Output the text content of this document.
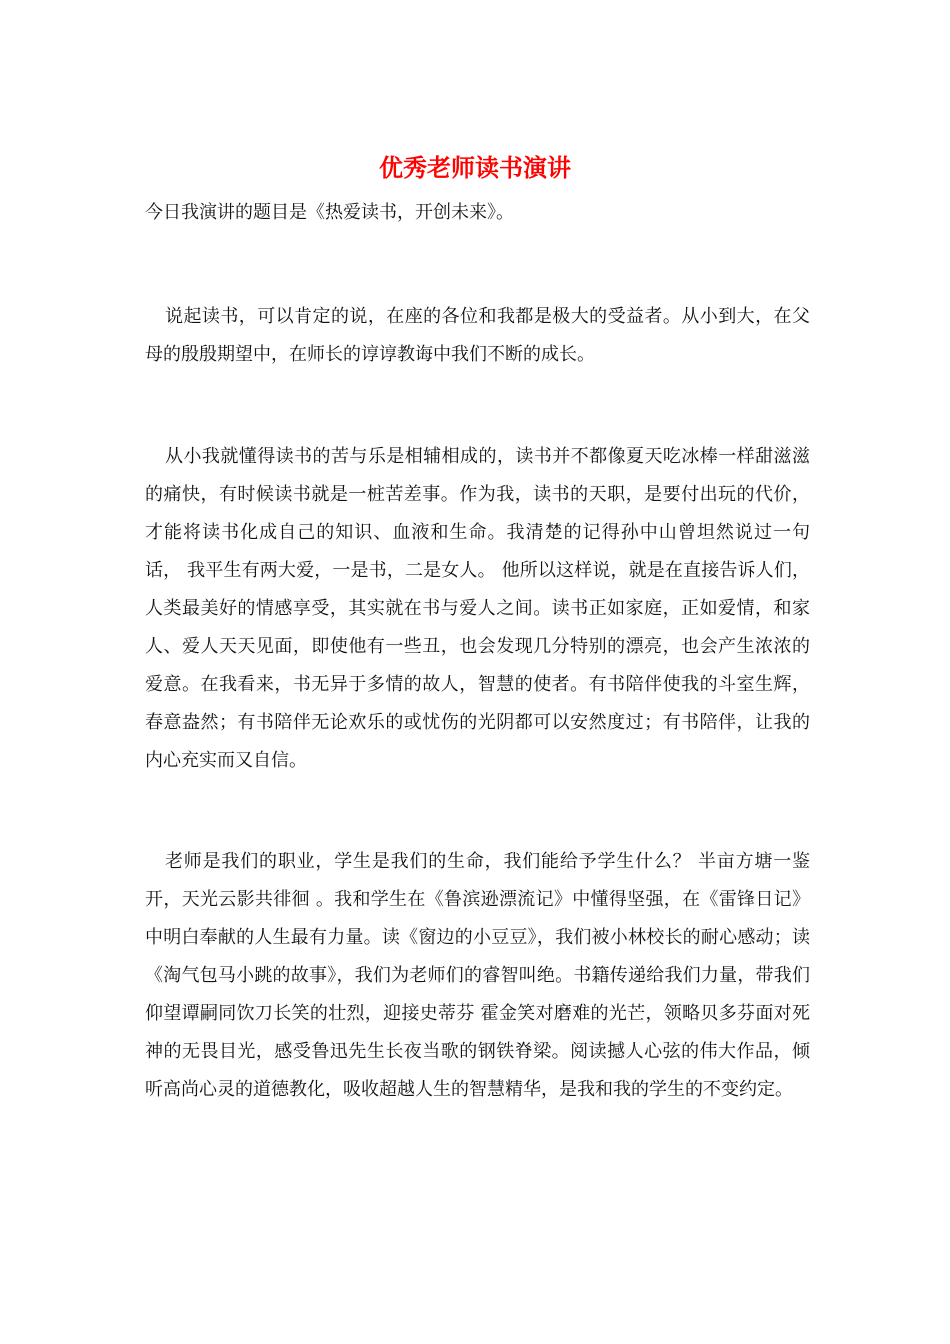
优秀老师读书演讲

今日我演讲的题目是《热爱读书，开创未来》。

说起读书，可以肯定的说，在座的各位和我都是极大的受益者。从小到大，在父母的殷殷期望中，在师长的谆谆教诲中我们不断的成长。

从小我就懂得读书的苦与乐是相辅相成的，读书并不都像夏天吃冰棒一样甜滋滋的痛快，有时候读书就是一桩苦差事。作为我，读书的天职，是要付出玩的代价，才能将读书化成自己的知识、血液和生命。我清楚的记得孙中山曾坦然说过一句话， 我平生有两大爱，一是书，二是女人。 他所以这样说，就是在直接告诉人们，人类最美好的情感享受，其实就在书与爱人之间。读书正如家庭，正如爱情，和家人、爱人天天见面，即使他有一些丑，也会发现几分特别的漂亮，也会产生浓浓的爱意。在我看来，书无异于多情的故人，智慧的使者。有书陪伴使我的斗室生辉，春意盎然；有书陪伴无论欢乐的或忧伤的光阴都可以安然度过；有书陪伴，让我的内心充实而又自信。

老师是我们的职业，学生是我们的生命，我们能给予学生什么？ 半亩方塘一鉴开，天光云影共徘徊 。我和学生在《鲁滨逊漂流记》中懂得坚强，在《雷锋日记》中明白奉献的人生最有力量。读《窗边的小豆豆》，我们被小林校长的耐心感动；读《淘气包马小跳的故事》，我们为老师们的睿智叫绝。书籍传递给我们力量，带我们仰望谭嗣同饮刀长笑的壮烈，迎接史蒂芬 霍金笑对磨难的光芒，领略贝多芬面对死神的无畏目光，感受鲁迅先生长夜当歌的钢铁脊梁。阅读撼人心弦的伟大作品，倾听高尚心灵的道德教化，吸收超越人生的智慧精华，是我和我的学生的不变约定。
